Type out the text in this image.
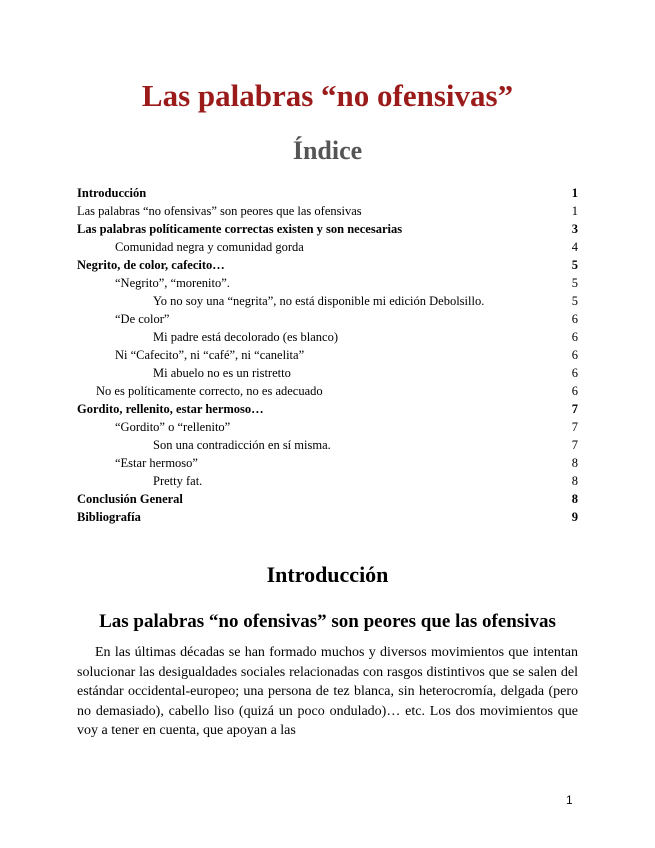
Las palabras “no ofensivas”
Índice
Introducción	1
Las palabras “no ofensivas” son peores que las ofensivas	1
Las palabras políticamente correctas existen y son necesarias	3
Comunidad negra y comunidad gorda	4
Negrito, de color, cafecito…	5
“Negrito”, “morenito”.	5
Yo no soy una “negrita”, no está disponible mi edición Debolsillo.	5
“De color”	6
Mi padre está decolorado (es blanco)	6
Ni “Cafecito”, ni “café”, ni “canelita”	6
Mi abuelo no es un ristretto	6
No es políticamente correcto, no es adecuado	6
Gordito, rellenito, estar hermoso…	7
“Gordito” o “rellenito”	7
Son una contradicción en sí misma.	7
“Estar hermoso”	8
Pretty fat.	8
Conclusión General	8
Bibliografía	9
Introducción
Las palabras “no ofensivas” son peores que las ofensivas

En las últimas décadas se han formado muchos y diversos movimientos que intentan solucionar las desigualdades sociales relacionadas con rasgos distintivos que se salen del estándar occidental-europeo; una persona de tez blanca, sin heterocromía, delgada (pero no demasiado), cabello liso (quizá un poco ondulado)… etc. Los dos movimientos que voy a tener en cuenta, que apoyan a las

1
